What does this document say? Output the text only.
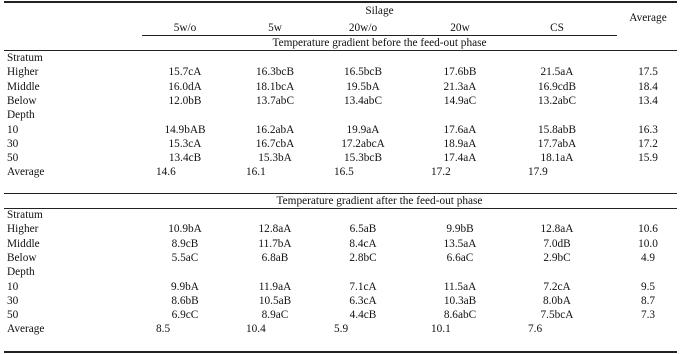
Silage
Average
5w/o	5w	20w/o	20w	CS
Temperature gradient before the feed-out phase
Temperature gradient after the feed-out phase
Stratum
Higher	15.7cA	16.3bcB	16.5bcB	17.6bB	21.5aA	17.5
Middle	16.0dA	18.1bcA	19.5bA	21.3aA	16.9cdB	18.4
Below	12.0bB	13.7abC	13.4abC	14.9aC	13.2abC	13.4
Depth
10	14.9bAB	16.2abA	19.9aA	17.6aA	15.8abB	16.3
30	15.3cA	16.7cbA	17.2abcA	18.9aA	17.7abA	17.2
50	13.4cB	15.3bA	15.3bcB	17.4aA	18.1aA	15.9
Average	14.6	16.1	16.5	17.2	17.9
Stratum
Higher	10.9bA	12.8aA	6.5aB	9.9bB	12.8aA	10.6
Middle	8.9cB	11.7bA	8.4cA	13.5aA	7.0dB	10.0
Below	5.5aC	6.8aB	2.8bC	6.6aC	2.9bC	4.9
Depth
10	9.9bA	11.9aA	7.1cA	11.5aA	7.2cA	9.5
30	8.6bB	10.5aB	6.3cA	10.3aB	8.0bA	8.7
50	6.9cC	8.9aC	4.4cB	8.6abC	7.5bcA	7.3
Average	8.5	10.4	5.9	10.1	7.6
